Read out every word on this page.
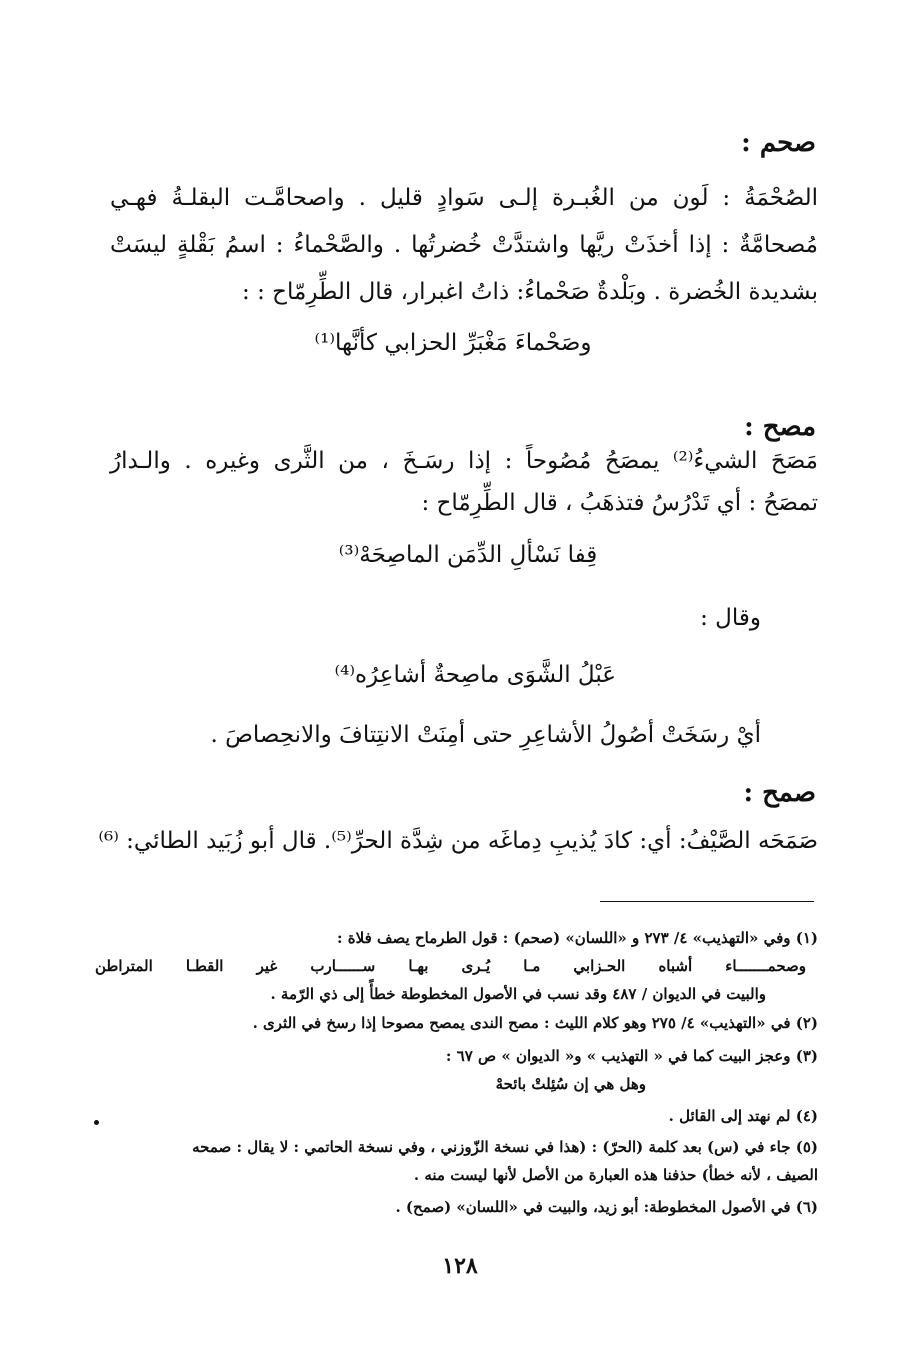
صحم :
الصُحْمَةُ : لَون من الغُبـرة إلـى سَوادٍ قليل . واصحامَّـت البقلـةُ فهـي
مُصحامَّةٌ : إذا أخذَتْ ريَّها واشتدَّتْ خُضرتُها . والصَّحْماءُ : اسمُ بَقْلةٍ ليسَتْ
بشديدة الخُضرة . وبَلْدةٌ صَحْماءُ: ذاتُ اغبرار، قال الطِّرِمّاح : :
وصَحْماءَ مَغْبَرِّ الحزابي كأنَّها⁽¹⁾
مصح :
مَصَحَ الشيءُ⁽²⁾ يمصَحُ مُصُوحاً : إذا رسَـخَ ، من الثَّرى وغيره . والـدارُ
تمصَحُ : أي تَدْرُسُ فتذهَبُ ، قال الطِّرِمّاح :
قِفا نَسْألِ الدِّمَن الماصِحَهْ⁽³⁾
وقال :
عَبْلُ الشَّوَى ماصِحةٌ أشاعِرُه⁽⁴⁾
أيْ رسَخَتْ أصُولُ الأشاعِرِ حتى أمِنَتْ الانتِتافَ والانحِصاصَ .
صمح :
صَمَحَه الصَّيْفُ: أي: كادَ يُذيبِ دِماغَه من شِدَّة الحرِّ⁽⁵⁾. قال أبو زُبَيد الطائي: ⁽⁶⁾
(١) وفي «التهذيب» ٤/ ٢٧٣ و «اللسان» (صحم) : قول الطرماح يصف فلاة :
وصحمـــــــاء أشباه الحـزابي مـا يُـرى بهـا ســــــارب غير القطـا المتراطن
والبيت في الديوان / ٤٨٧ وقد نسب في الأصول المخطوطة خطأً إلى ذي الرّمة .
(٢) في «التهذيب» ٤/ ٢٧٥ وهو كلام الليث : مصح الندى يمصح مصوحا إذا رسخ في الثرى .
(٣) وعجز البيت كما في « التهذيب » و« الديوان » ص ٦٧ :
وهل هي إن سُئِلتْ بائحهْ
(٤) لم نهتد إلى القائل .
(٥) جاء في (س) بعد كلمة (الحرّ) : (هذا في نسخة الزّوزني ، وفي نسخة الحاتمي : لا يقال : صمحه
الصيف ، لأنه خطأ) حذفنا هذه العبارة من الأصل لأنها ليست منه .
(٦) في الأصول المخطوطة: أبو زيد، والبيت في «اللسان» (صمح) .
١٢٨
